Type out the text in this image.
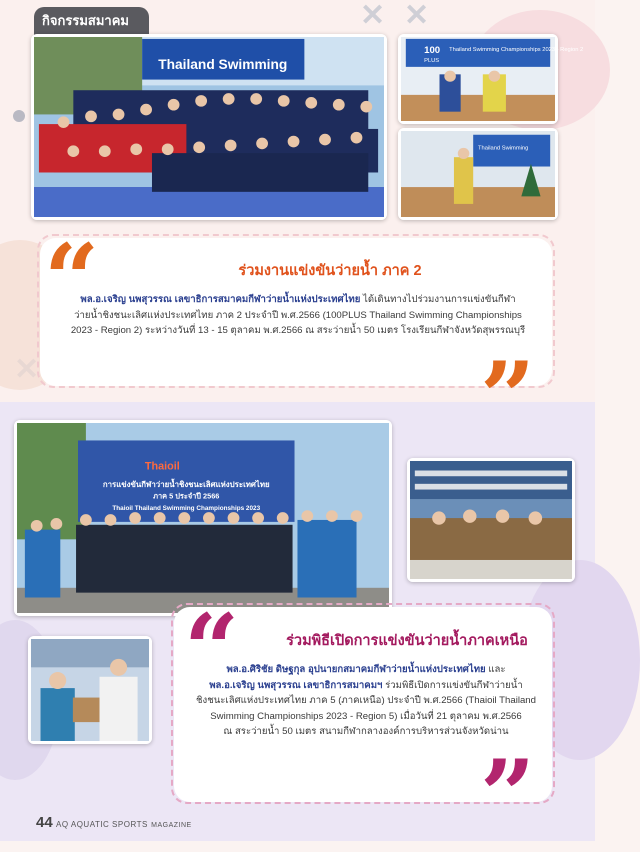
✕ ✕
✕
กิจกรรมสมาคม
Thailand Swimming
100
PLUS
Thailand Swimming Championships 2023 - Region 2
Thailand Swimming
“
”
ร่วมงานแข่งขันว่ายน้ำ ภาค 2
พล.อ.เจริญ นพสุวรรณ เลขาธิการสมาคมกีฬาว่ายน้ำแห่งประเทศไทย ได้เดินทางไปร่วมงานการแข่งขันกีฬา
ว่ายน้ำชิงชนะเลิศแห่งประเทศไทย ภาค 2 ประจำปี พ.ศ.2566 (100PLUS Thailand Swimming Championships
2023 - Region 2) ระหว่างวันที่ 13 - 15 ตุลาคม พ.ศ.2566 ณ สระว่ายน้ำ 50 เมตร โรงเรียนกีฬาจังหวัดสุพรรณบุรี
Thaioil
การแข่งขันกีฬาว่ายน้ำชิงชนะเลิศแห่งประเทศไทย
ภาค 5 ประจำปี 2566
Thaioil Thailand Swimming Championships 2023
“
”
ร่วมพิธีเปิดการแข่งขันว่ายน้ำภาคเหนือ
พล.อ.ศิริชัย ดิษฐกุล อุปนายกสมาคมกีฬาว่ายน้ำแห่งประเทศไทย และ
พล.อ.เจริญ นพสุวรรณ เลขาธิการสมาคมฯ ร่วมพิธีเปิดการแข่งขันกีฬาว่ายน้ำ
ชิงชนะเลิศแห่งประเทศไทย ภาค 5 (ภาคเหนือ) ประจำปี พ.ศ.2566 (Thaioil Thailand
Swimming Championships 2023 - Region 5) เมื่อวันที่ 21 ตุลาคม พ.ศ.2566
ณ สระว่ายน้ำ 50 เมตร สนามกีฬากลางองค์การบริหารส่วนจังหวัดน่าน
44 AQ AQUATIC SPORTS MAGAZINE
